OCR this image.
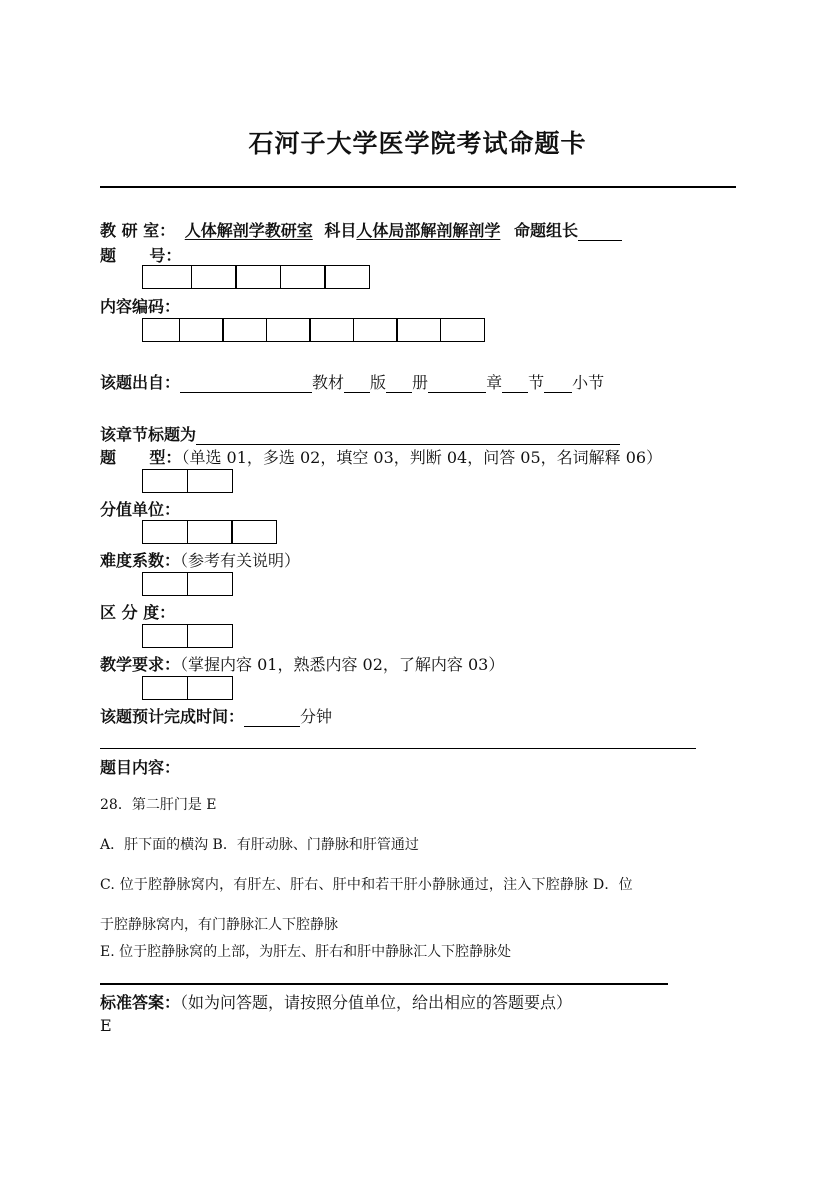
石河子大学医学院考试命题卡
教 研 室： 人体解剖学教研室 科目人体局部解剖解剖学 命题组长
题      号：
内容编码：
该题出自：	教材 版 册	章 节 小节
该章节标题为
题      型：（单选 01，多选 02，填空 03，判断 04，问答 05，名词解释 06）
分值单位：
难度系数：（参考有关说明）
区 分 度：
教学要求：（掌握内容 01，熟悉内容 02，了解内容 03）
该题预计完成时间：	分钟
题目内容：
28．第二肝门是 E
A．肝下面的横沟 B．有肝动脉、门静脉和肝管通过
C. 位于腔静脉窝内，有肝左、肝右、肝中和若干肝小静脉通过，注入下腔静脉 D．位
于腔静脉窝内，有门静脉汇人下腔静脉
E. 位于腔静脉窝的上部，为肝左、肝右和肝中静脉汇人下腔静脉处
标准答案：（如为问答题，请按照分值单位，给出相应的答题要点）
E
